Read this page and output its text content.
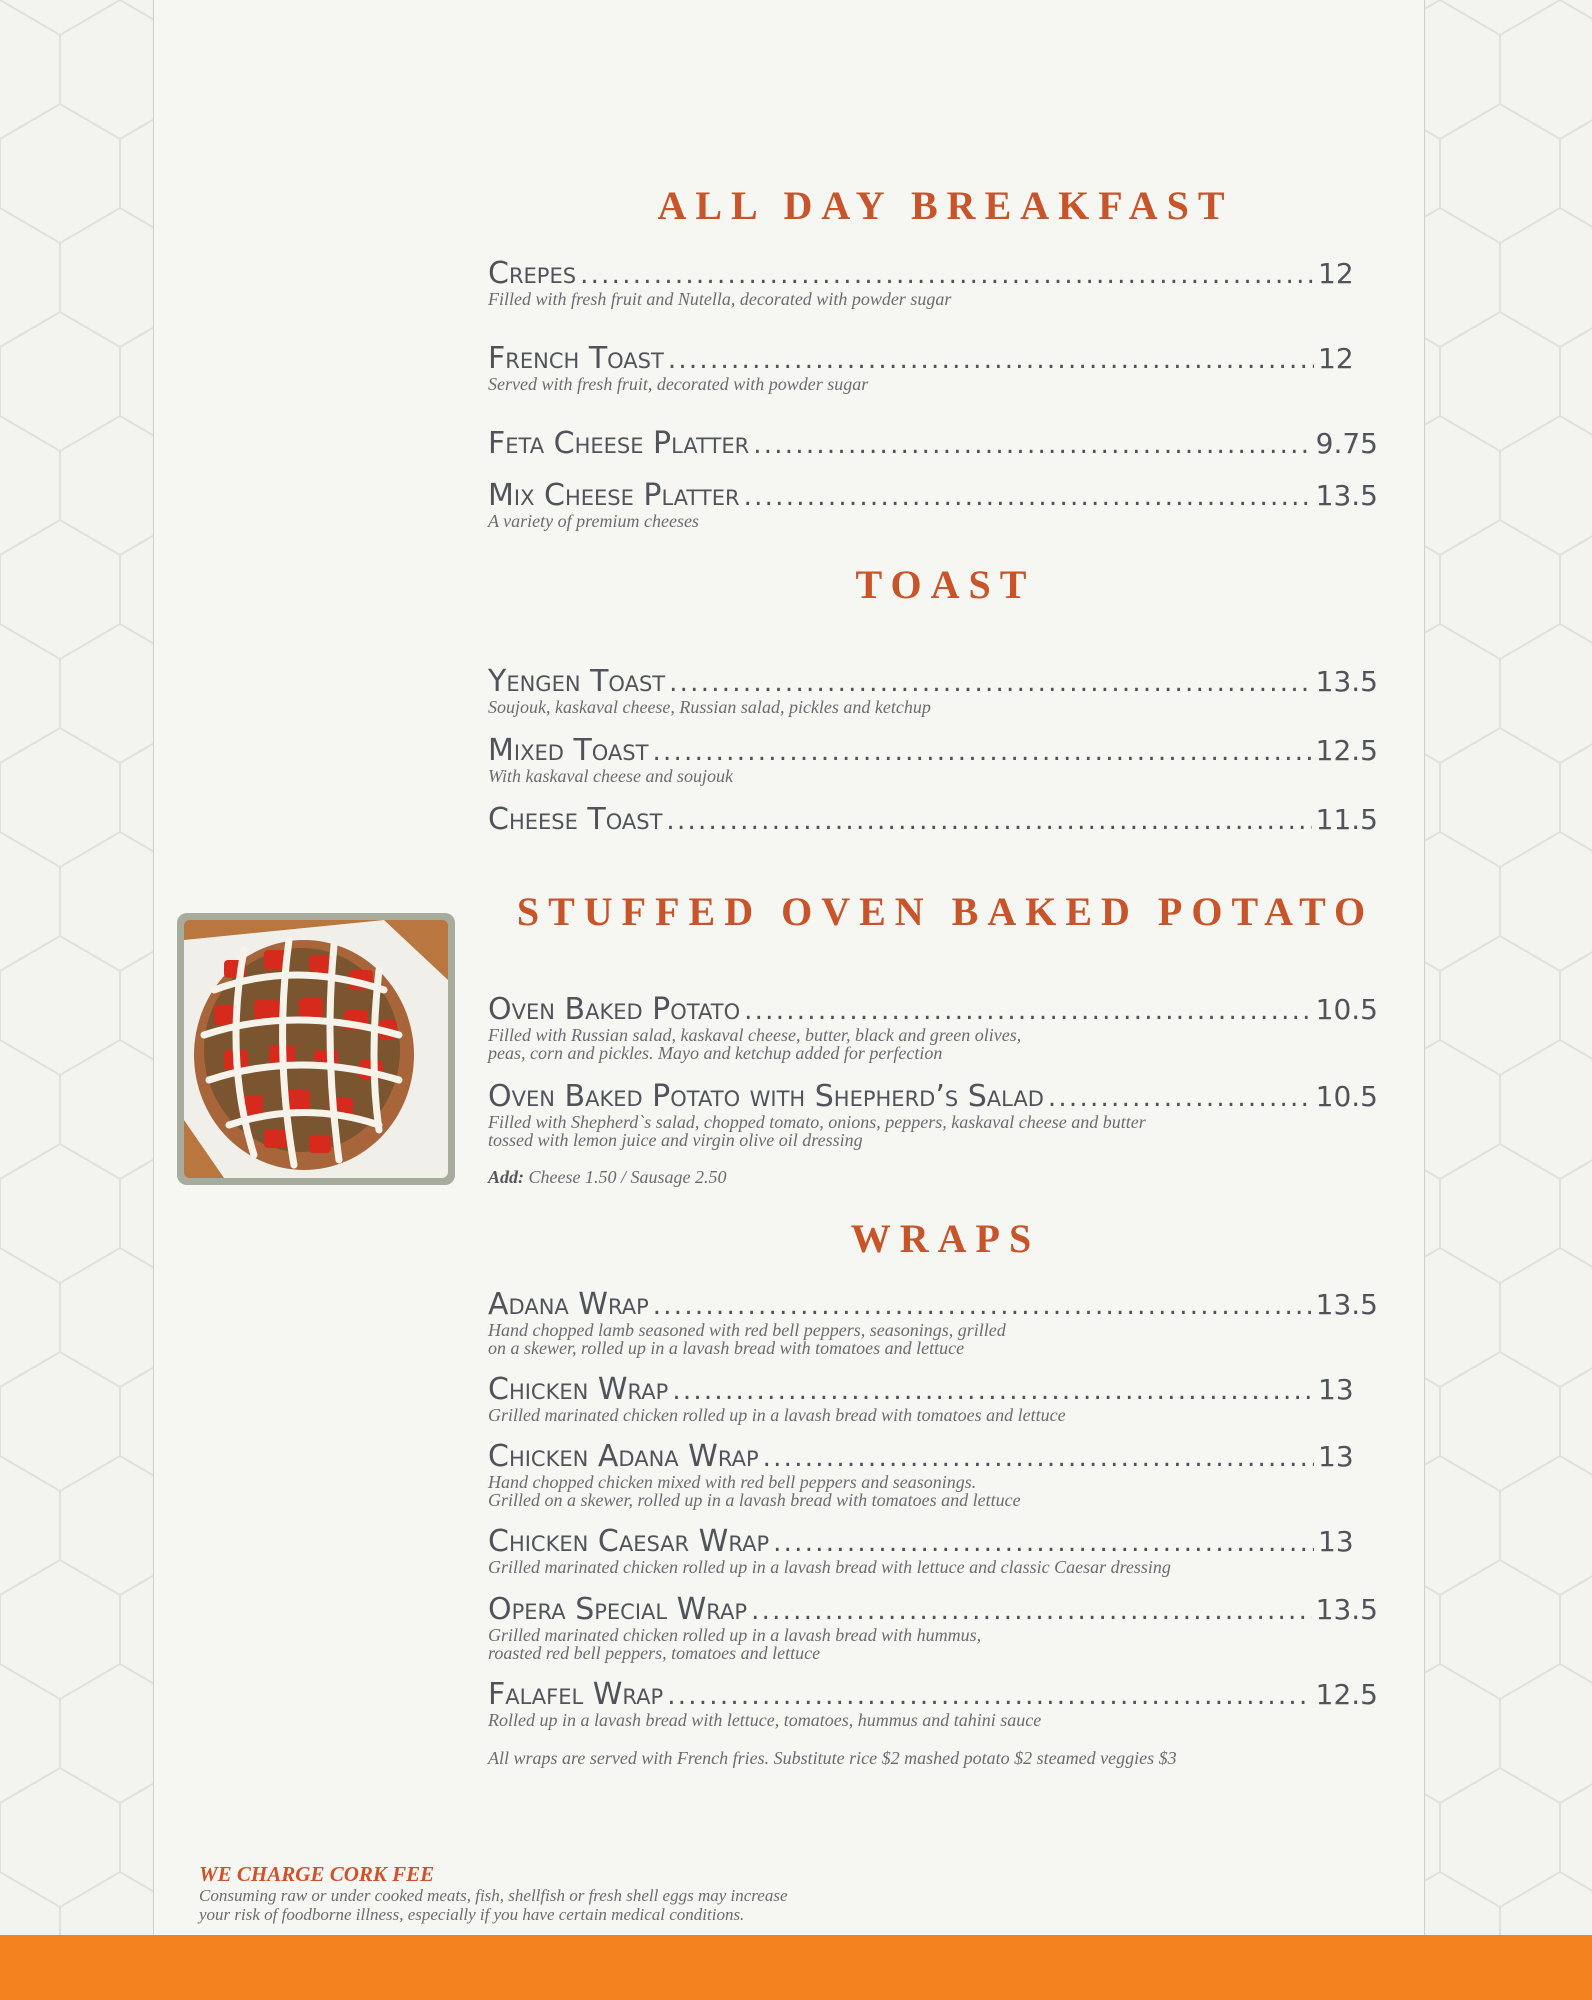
ALL DAY BREAKFAST
Crepes . . .	12
Filled with fresh fruit and Nutella, decorated with powder sugar
French Toast . . .	12
Served with fresh fruit, decorated with powder sugar
Feta Cheese Platter . . .	9.75
Mix Cheese Platter . . .	13.5
A variety of premium cheeses
TOAST
Yengen Toast . . .	13.5
Soujouk, kaskaval cheese, Russian salad, pickles and ketchup
Mixed Toast . . .	12.5
With kaskaval cheese and soujouk
Cheese Toast . . .	11.5
STUFFED OVEN BAKED POTATO
Oven Baked Potato . . .	10.5
Filled with Russian salad, kaskaval cheese, butter, black and green olives,
peas, corn and pickles. Mayo and ketchup added for perfection
Oven Baked Potato with Shepherd’s Salad . . .	10.5
Filled with Shepherd`s salad, chopped tomato, onions, peppers, kaskaval cheese and butter
tossed with lemon juice and virgin olive oil dressing
Add: Cheese 1.50 / Sausage 2.50
WRAPS
Adana Wrap . . .	13.5
Hand chopped lamb seasoned with red bell peppers, seasonings, grilled
on a skewer, rolled up in a lavash bread with tomatoes and lettuce
Chicken Wrap . . .	13
Grilled marinated chicken rolled up in a lavash bread with tomatoes and lettuce
Chicken Adana Wrap . . .	13
Hand chopped chicken mixed with red bell peppers and seasonings.
Grilled on a skewer, rolled up in a lavash bread with tomatoes and lettuce
Chicken Caesar Wrap . . .	13
Grilled marinated chicken rolled up in a lavash bread with lettuce and classic Caesar dressing
Opera Special Wrap . . .	13.5
Grilled marinated chicken rolled up in a lavash bread with hummus,
roasted red bell peppers, tomatoes and lettuce
Falafel Wrap . . .	12.5
Rolled up in a lavash bread with lettuce, tomatoes, hummus and tahini sauce
All wraps are served with French fries. Substitute rice $2 mashed potato $2 steamed veggies $3
WE CHARGE CORK FEE
Consuming raw or under cooked meats, fish, shellfish or fresh shell eggs may increase
your risk of foodborne illness, especially if you have certain medical conditions.
